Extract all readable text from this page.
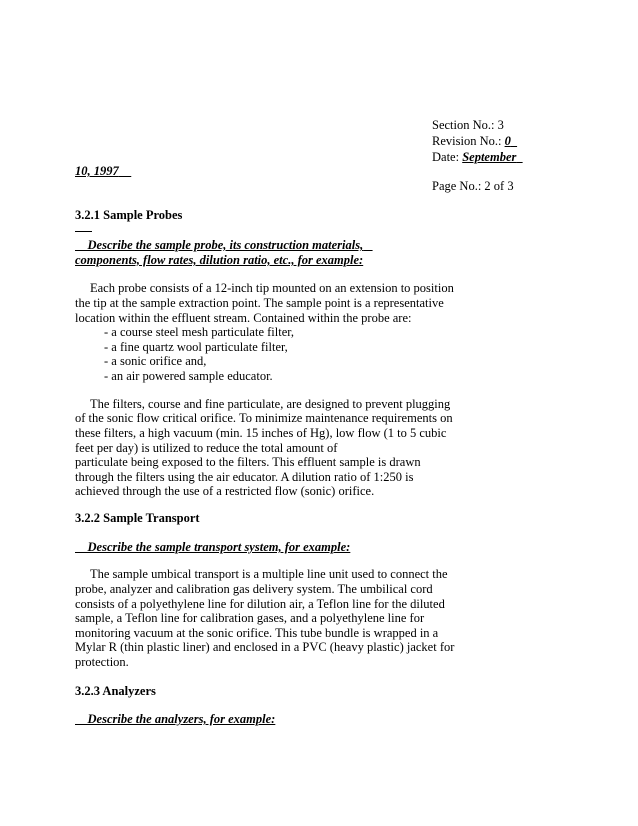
Section No.: 3
Revision No.: 0
Date: September
10, 1997
Page No.: 2 of 3
3.2.1 Sample Probes
Describe the sample probe, its construction materials,
components, flow rates, dilution ratio, etc., for example:
Each probe consists of a 12-inch tip mounted on an extension to position
the tip at the sample extraction point. The sample point is a representative
location within the effluent stream. Contained within the probe are:
- a course steel mesh particulate filter,
- a fine quartz wool particulate filter,
- a sonic orifice and,
- an air powered sample educator.
The filters, course and fine particulate, are designed to prevent plugging
of the sonic flow critical orifice. To minimize maintenance requirements on
these filters, a high vacuum (min. 15 inches of Hg), low flow (1 to 5 cubic
feet per day) is utilized to reduce the total amount of
particulate being exposed to the filters. This effluent sample is drawn
through the filters using the air educator. A dilution ratio of 1:250 is
achieved through the use of a restricted flow (sonic) orifice.
3.2.2 Sample Transport
Describe the sample transport system, for example:
The sample umbical transport is a multiple line unit used to connect the
probe, analyzer and calibration gas delivery system. The umbilical cord
consists of a polyethylene line for dilution air, a Teflon line for the diluted
sample, a Teflon line for calibration gases, and a polyethylene line for
monitoring vacuum at the sonic orifice. This tube bundle is wrapped in a
Mylar R (thin plastic liner) and enclosed in a PVC (heavy plastic) jacket for
protection.
3.2.3 Analyzers
Describe the analyzers, for example:
